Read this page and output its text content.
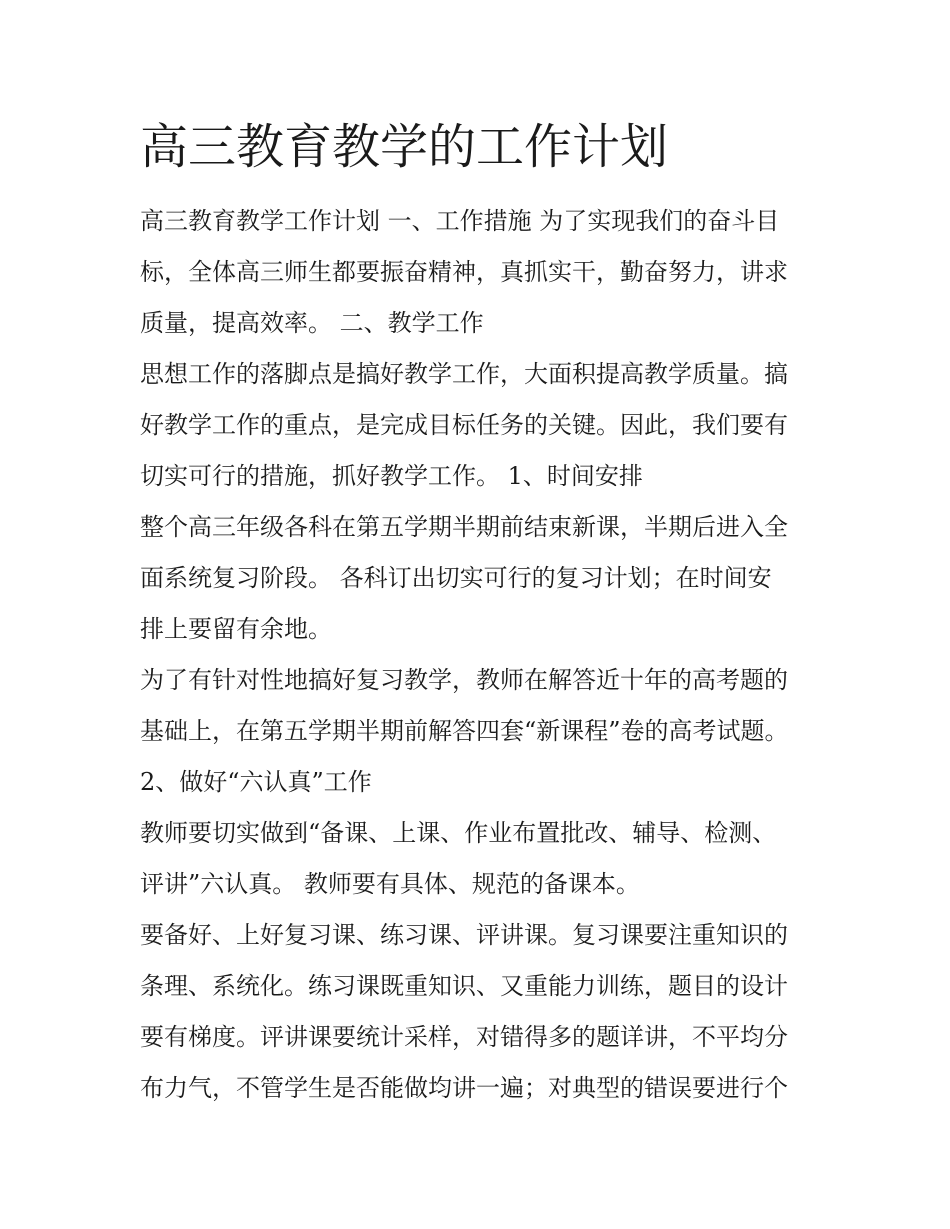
高三教育教学的工作计划

高三教育教学工作计划 一、工作措施 为了实现我们的奋斗目

标，全体高三师生都要振奋精神，真抓实干，勤奋努力，讲求

质量，提高效率。 二、教学工作

思想工作的落脚点是搞好教学工作，大面积提高教学质量。搞

好教学工作的重点，是完成目标任务的关键。因此，我们要有

切实可行的措施，抓好教学工作。 1、时间安排

整个高三年级各科在第五学期半期前结束新课，半期后进入全

面系统复习阶段。 各科订出切实可行的复习计划；在时间安

排上要留有余地。

为了有针对性地搞好复习教学，教师在解答近十年的高考题的

基础上，在第五学期半期前解答四套“新课程”卷的高考试题。

2、做好“六认真”工作

教师要切实做到“备课、上课、作业布置批改、辅导、检测、

评讲”六认真。 教师要有具体、规范的备课本。

要备好、上好复习课、练习课、评讲课。复习课要注重知识的

条理、系统化。练习课既重知识、又重能力训练，题目的设计

要有梯度。评讲课要统计采样，对错得多的题详讲，不平均分

布力气，不管学生是否能做均讲一遍；对典型的错误要进行个
